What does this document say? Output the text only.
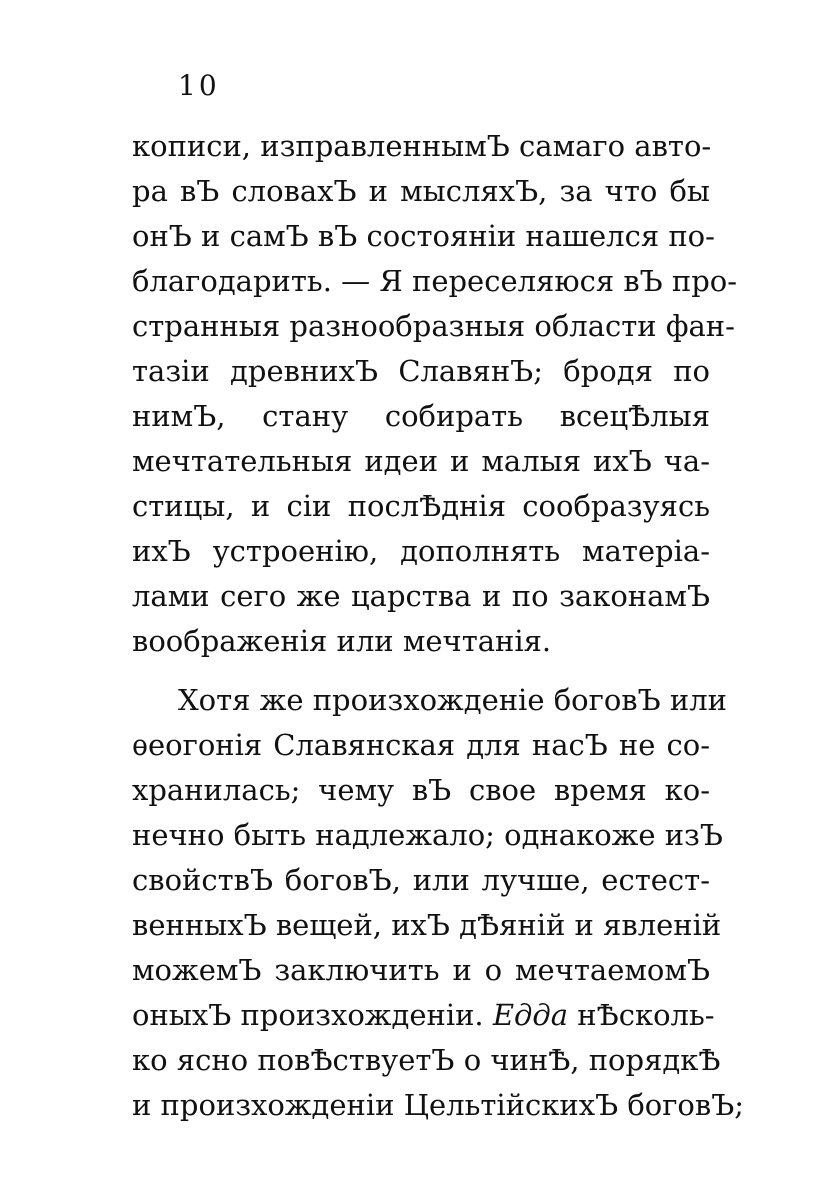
10
кописи, изправленнымЪ самаго авто-
ра вЪ словахЪ и мысляхЪ, за что бы
онЪ и самЪ вЪ состоянiи нашелся по-
благодарить. — Я переселяюся вЪ про-
странныя разнообразныя области фан-
тазiи древнихЪ СлавянЪ; бродя по
нимЪ, стану собирать всецѢлыя
мечтательныя идеи и малыя ихЪ ча-
стицы, и сiи послѢднiя сообразуясь
ихЪ устроенiю, дополнять матерiа-
лами сего же царства и по законамЪ
воображенiя или мечтанiя.
Хотя же произхожденiе боговЪ или
ѳеогонiя Славянская для насЪ не со-
хранилась; чему вЪ свое время ко-
нечно быть надлежало; однакоже изЪ
свойствЪ боговЪ, или лучше, естест-
венныхЪ вещей, ихЪ дѢянiй и явленiй
можемЪ заключить и о мечтаемомЪ
оныхЪ произхожденiи. Едда нѢсколь-
ко ясно повѢствуетЪ о чинѢ, порядкѢ
и произхожденiи ЦельтiйскихЪ боговЪ;
